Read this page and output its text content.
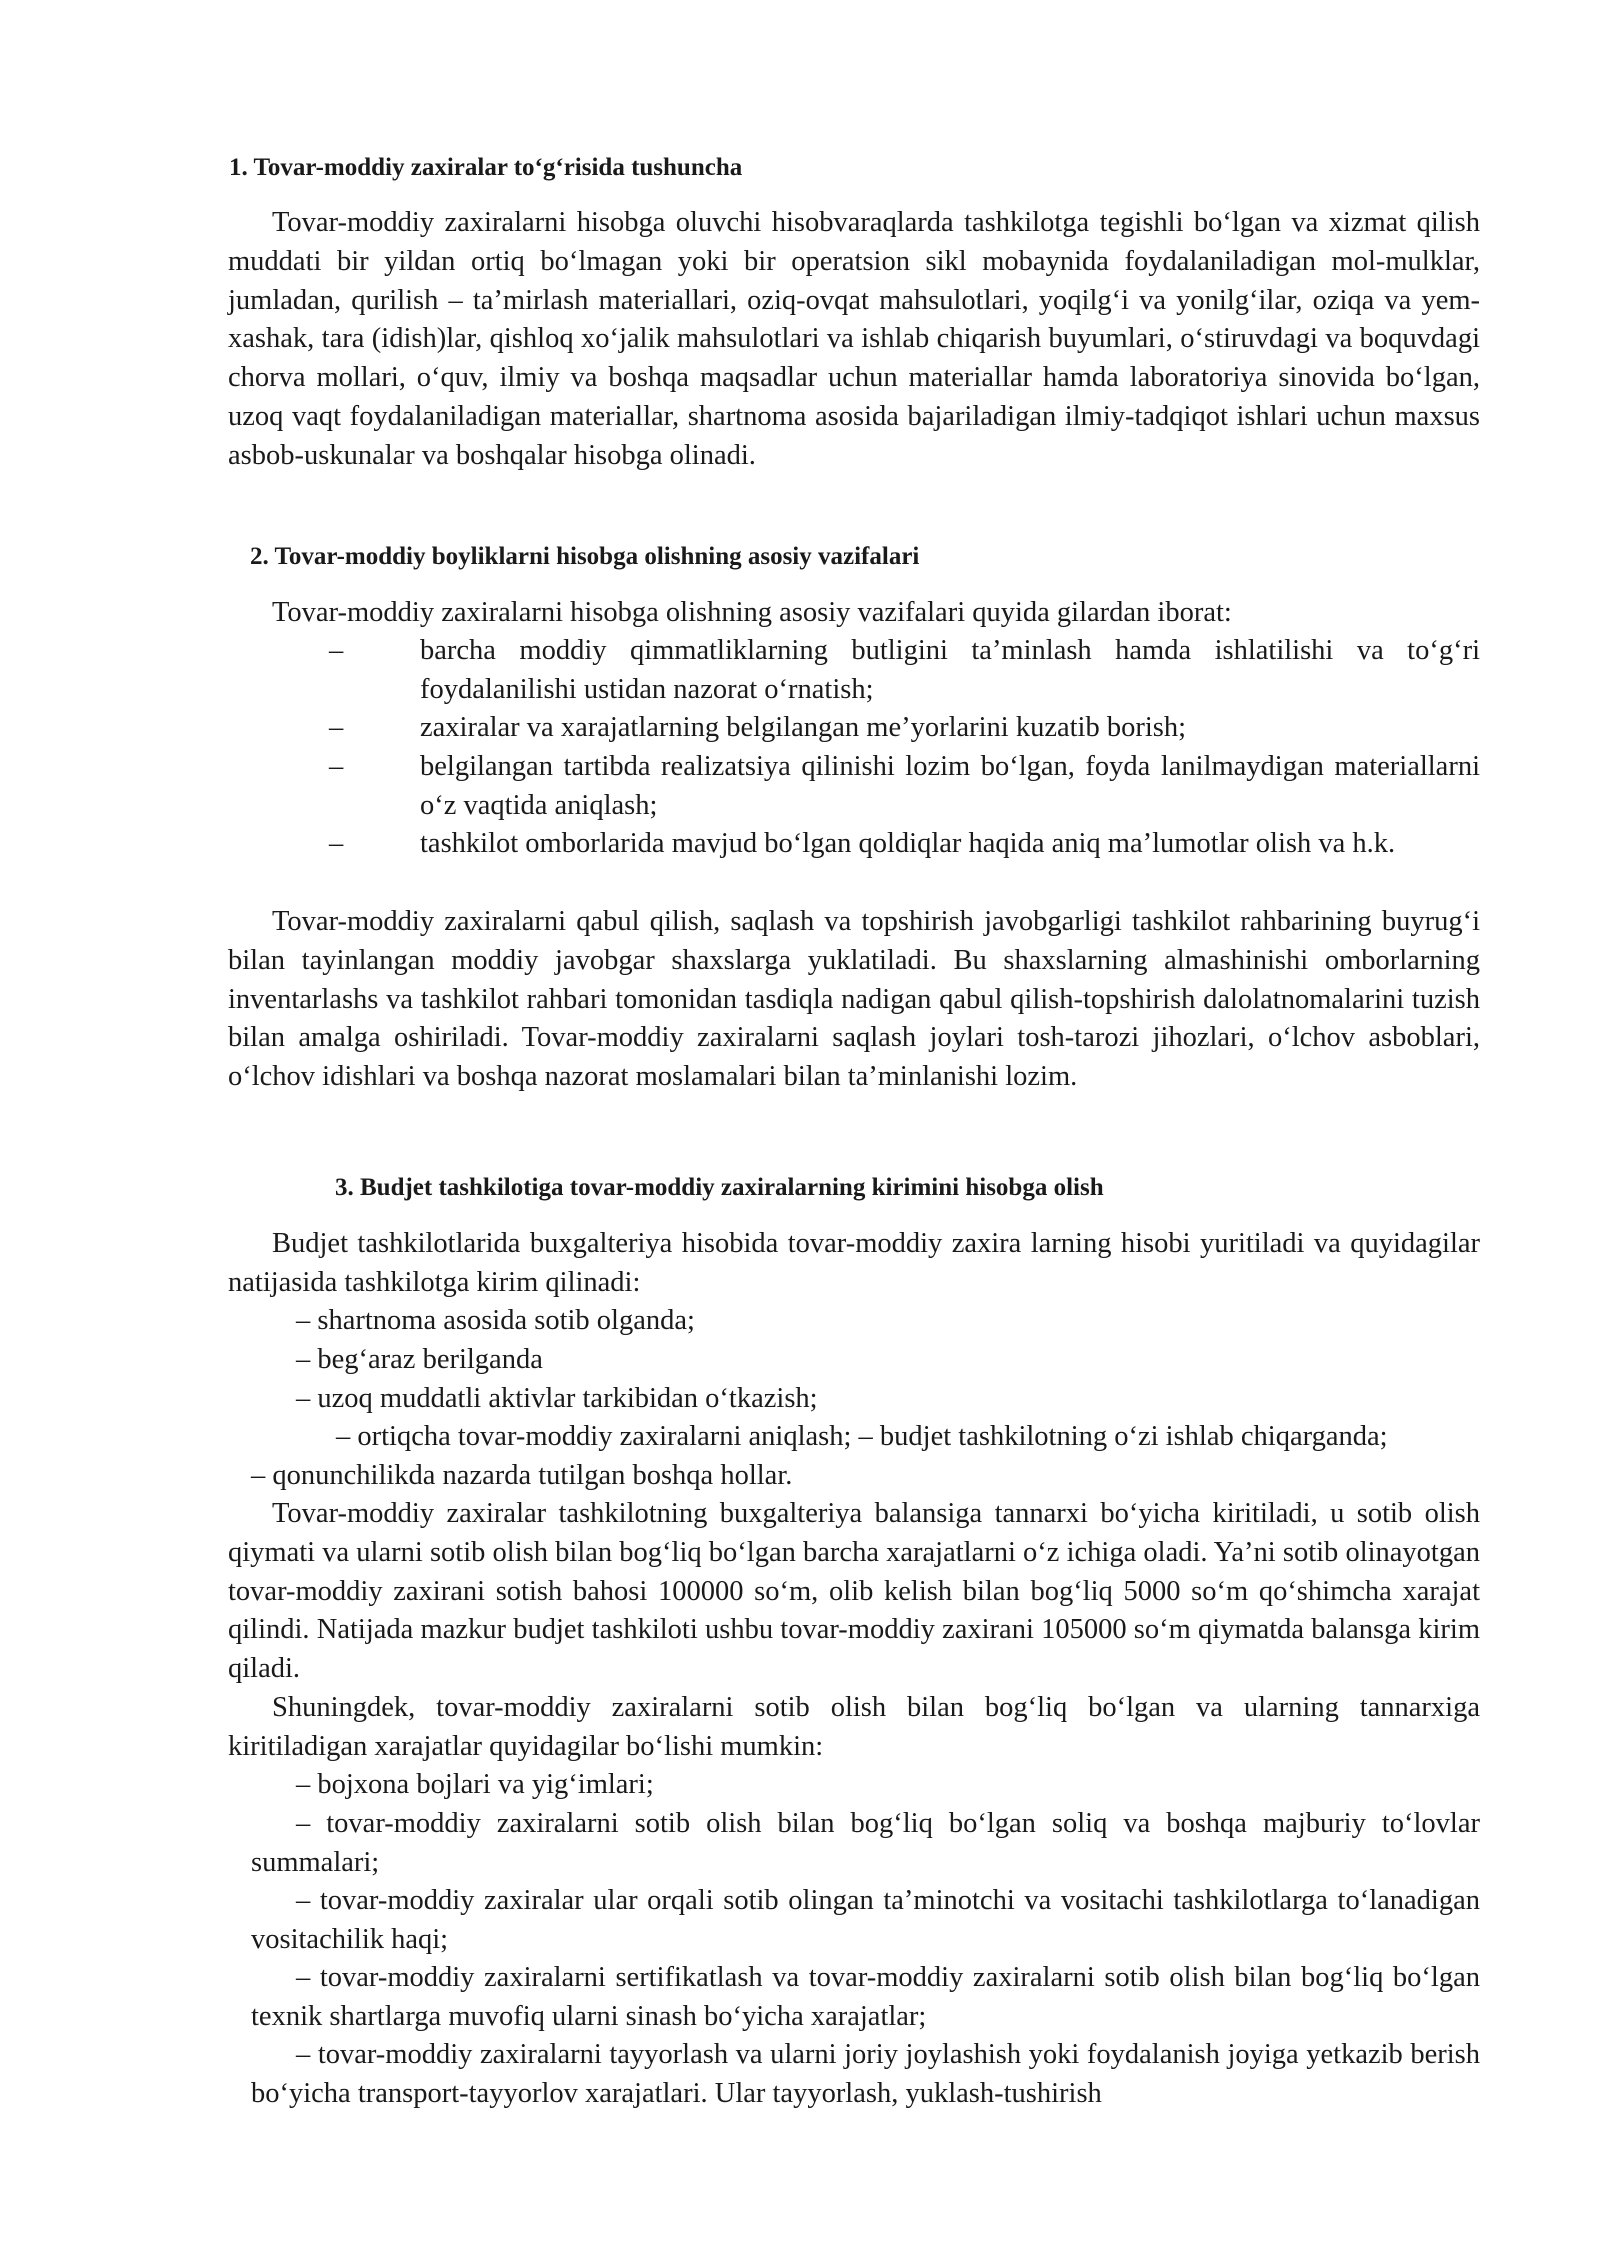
1. Tovar-moddiy zaxiralar to‘g‘risida tushuncha

Tovar-moddiy zaxiralarni hisobga oluvchi hisobvaraqlarda tashkilotga tegishli bo‘lgan va xizmat qilish muddati bir yildan ortiq bo‘lmagan yoki bir operatsion sikl mobaynida foydalaniladigan mol-mulklar, jumladan, qurilish – ta’mirlash materiallari, oziq-ovqat mahsulotlari, yoqilg‘i va yonilg‘ilar, oziqa va yem-xashak, tara (idish)lar, qishloq xo‘jalik mahsulotlari va ishlab chiqarish buyumlari, o‘stiruvdagi va boquvdagi chorva mollari, o‘quv, ilmiy va boshqa maqsadlar uchun materiallar hamda laboratoriya sinovida bo‘lgan, uzoq vaqt foydalaniladigan materiallar, shartnoma asosida bajariladigan ilmiy-tadqiqot ishlari uchun maxsus asbob-uskunalar va boshqalar hisobga olinadi.

2. Tovar-moddiy boyliklarni hisobga olishning asosiy vazifalari

Tovar-moddiy zaxiralarni hisobga olishning asosiy vazifalari quyida gilardan iborat:

–	barcha moddiy qimmatliklarning butligini ta’minlash hamda ishlatilishi va to‘g‘ri foydalanilishi ustidan nazorat o‘rnatish;
–	zaxiralar va xarajatlarning belgilangan me’yorlarini kuzatib borish;
–	belgilangan tartibda realizatsiya qilinishi lozim bo‘lgan, foyda lanilmaydigan materiallarni o‘z vaqtida aniqlash;
–	tashkilot omborlarida mavjud bo‘lgan qoldiqlar haqida aniq ma’lumotlar olish va h.k.

Tovar-moddiy zaxiralarni qabul qilish, saqlash va topshirish javobgarligi tashkilot rahbarining buyrug‘i bilan tayinlangan moddiy javobgar shaxslarga yuklatiladi. Bu shaxslarning almashinishi omborlarning inventarlashs va tashkilot rahbari tomonidan tasdiqla nadigan qabul qilish-topshirish dalolatnomalarini tuzish bilan amalga oshiriladi. Tovar-moddiy zaxiralarni saqlash joylari tosh-tarozi jihozlari, o‘lchov asboblari, o‘lchov idishlari va boshqa nazorat moslamalari bilan ta’minlanishi lozim.

3. Budjet tashkilotiga tovar-moddiy zaxiralarning kirimini hisobga olish

Budjet tashkilotlarida buxgalteriya hisobida tovar-moddiy zaxira larning hisobi yuritiladi va quyidagilar natijasida tashkilotga kirim qilinadi:

– shartnoma asosida sotib olganda;

– beg‘araz berilganda

– uzoq muddatli aktivlar tarkibidan o‘tkazish;

– ortiqcha tovar-moddiy zaxiralarni aniqlash; – budjet tashkilotning o‘zi ishlab chiqarganda;

– qonunchilikda nazarda tutilgan boshqa hollar.

Tovar-moddiy zaxiralar tashkilotning buxgalteriya balansiga tannarxi bo‘yicha kiritiladi, u sotib olish qiymati va ularni sotib olish bilan bog‘liq bo‘lgan barcha xarajatlarni o‘z ichiga oladi. Ya’ni sotib olinayotgan tovar-moddiy zaxirani sotish bahosi 100000 so‘m, olib kelish bilan bog‘liq 5000 so‘m qo‘shimcha xarajat qilindi. Natijada mazkur budjet tashkiloti ushbu tovar-moddiy zaxirani 105000 so‘m qiymatda balansga kirim qiladi.

Shuningdek, tovar-moddiy zaxiralarni sotib olish bilan bog‘liq bo‘lgan va ularning tannarxiga kiritiladigan xarajatlar quyidagilar bo‘lishi mumkin:

– bojxona bojlari va yig‘imlari;

– tovar-moddiy zaxiralarni sotib olish bilan bog‘liq bo‘lgan soliq va boshqa majburiy to‘lovlar summalari;

– tovar-moddiy zaxiralar ular orqali sotib olingan ta’minotchi va vositachi tashkilotlarga to‘lanadigan vositachilik haqi;

– tovar-moddiy zaxiralarni sertifikatlash va tovar-moddiy zaxiralarni sotib olish bilan bog‘liq bo‘lgan texnik shartlarga muvofiq ularni sinash bo‘yicha xarajatlar;

– tovar-moddiy zaxiralarni tayyorlash va ularni joriy joylashish yoki foydalanish joyiga yetkazib berish bo‘yicha transport-tayyorlov xarajatlari. Ular tayyorlash, yuklash-tushirish
